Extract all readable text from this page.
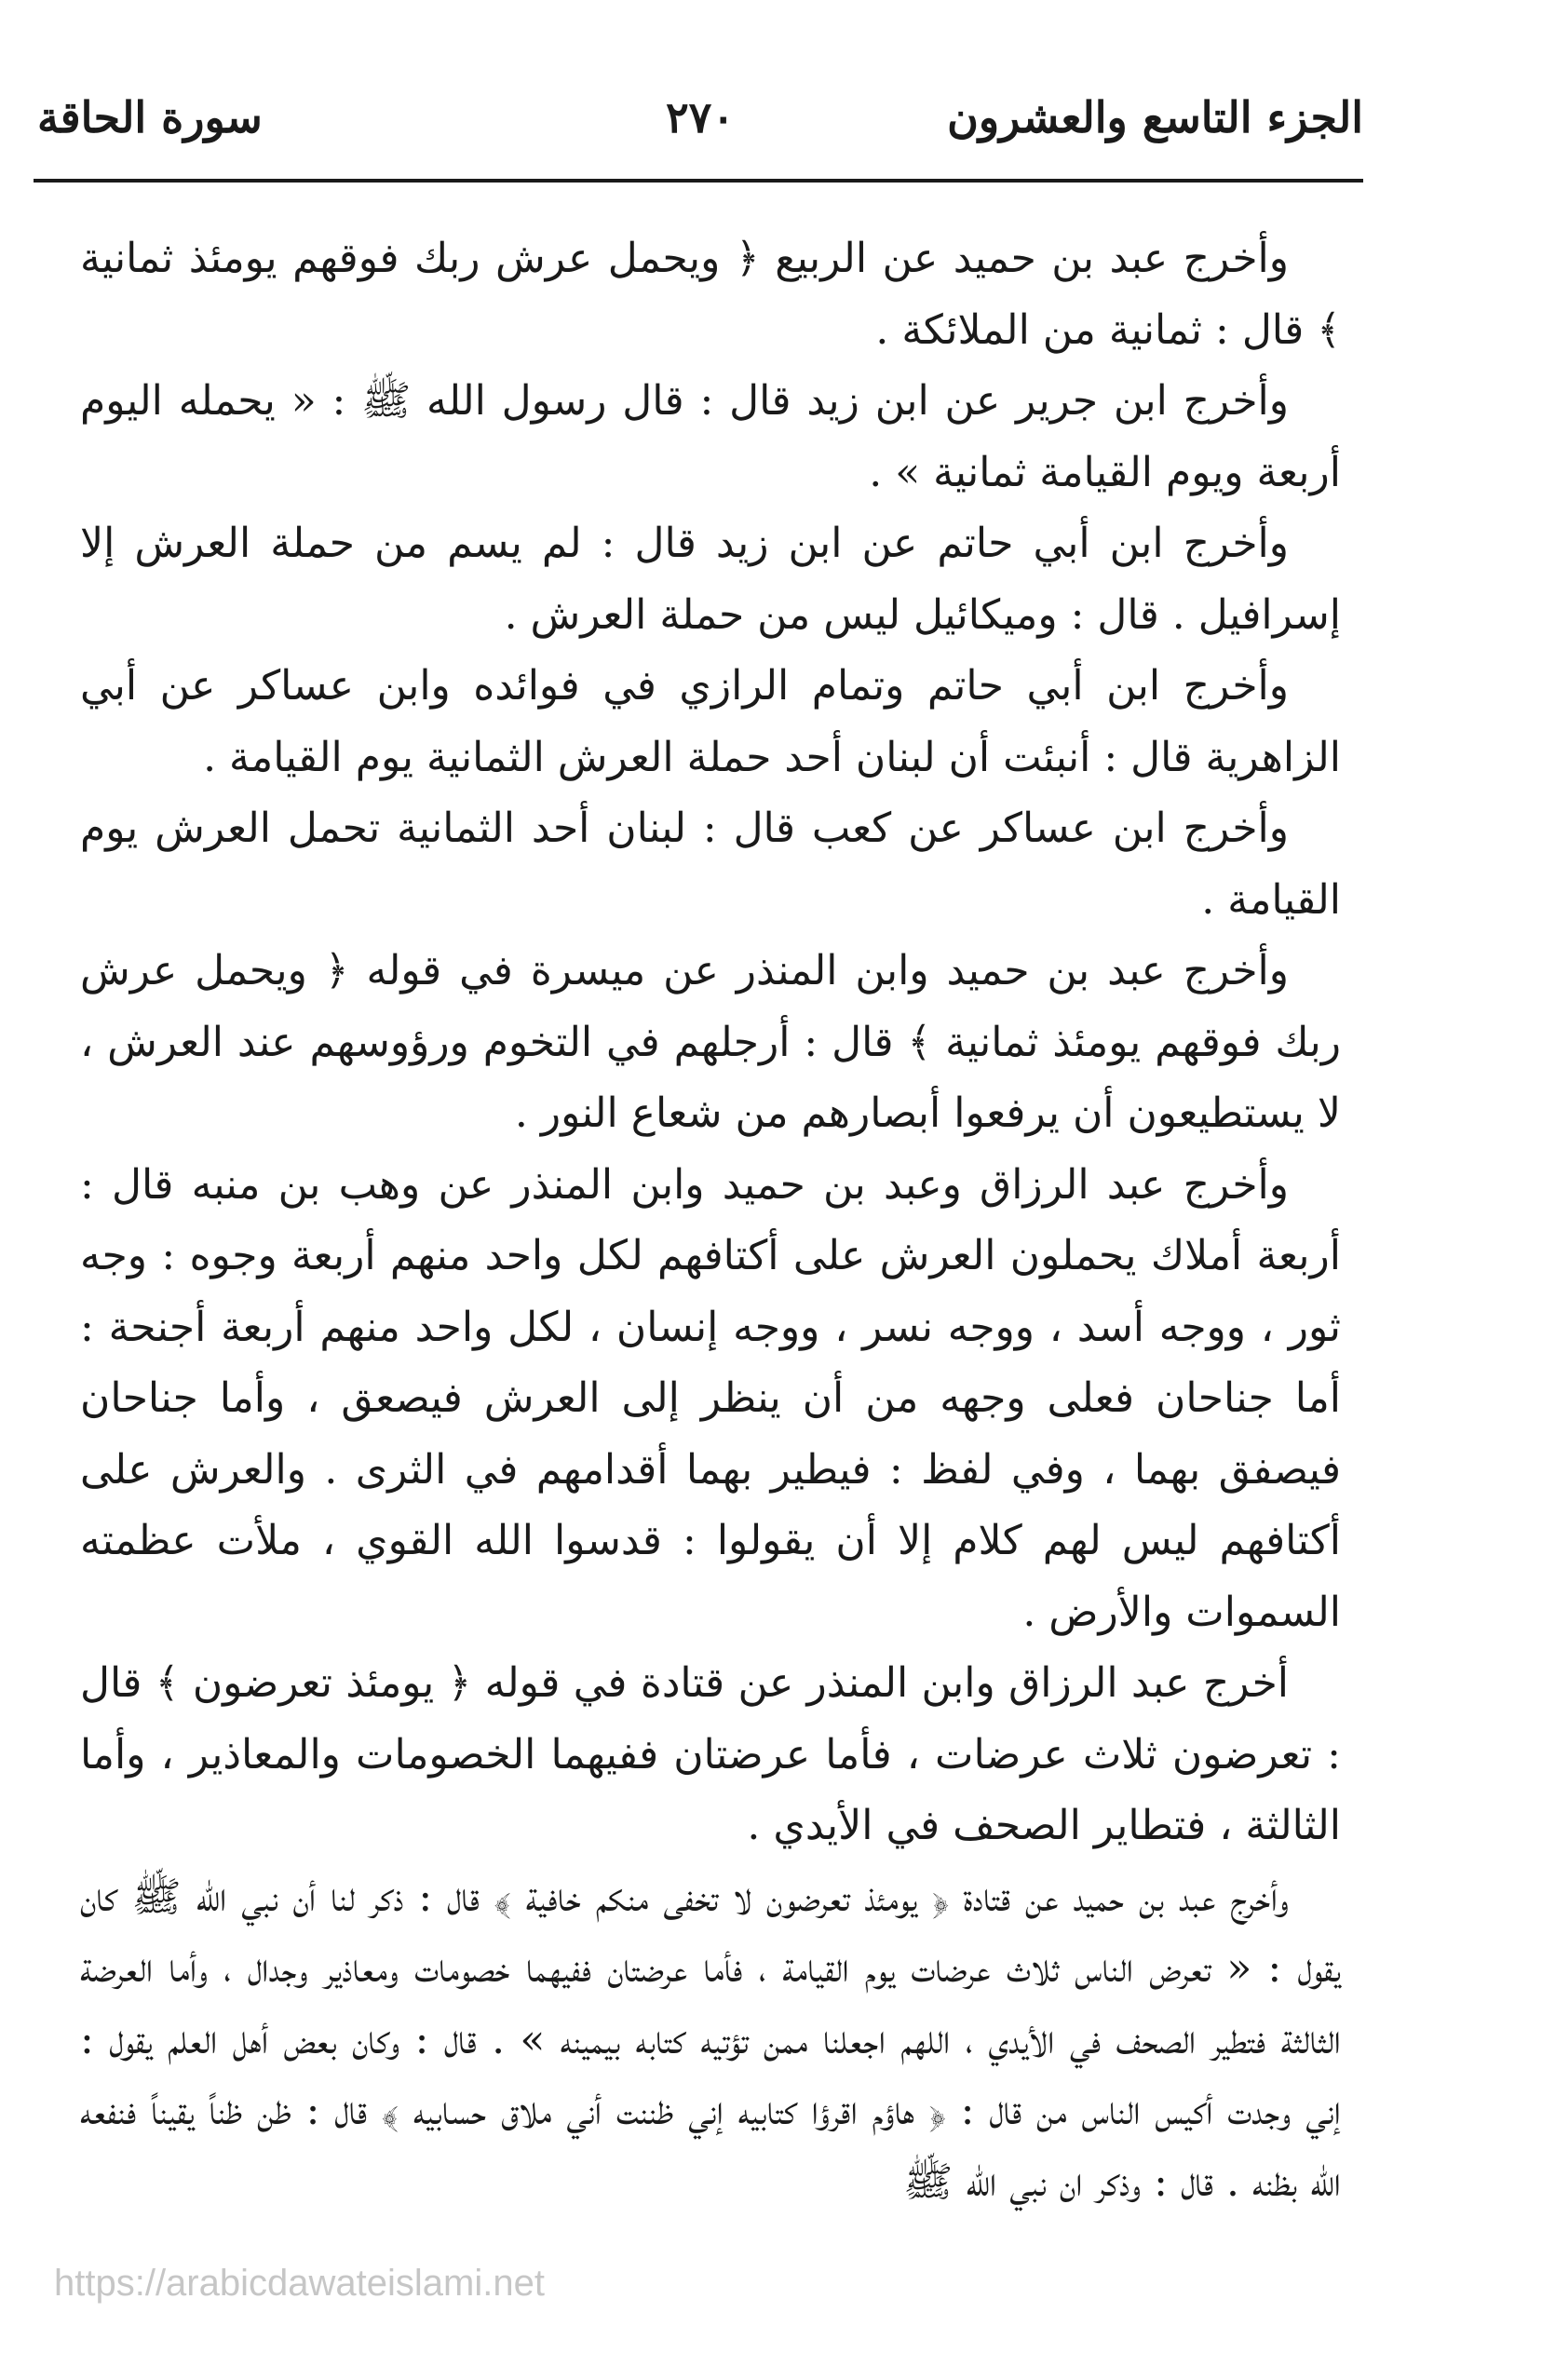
الجزء التاسع والعشرون
٢٧٠
سورة الحاقة

وأخرج عبد بن حميد عن الربيع ﴿ ويحمل عرش ربك فوقهم يومئذ ثمانية ﴾ قال : ثمانية من الملائكة .

وأخرج ابن جرير عن ابن زيد قال : قال رسول الله ﷺ : « يحمله اليوم أربعة ويوم القيامة ثمانية » .

وأخرج ابن أبي حاتم عن ابن زيد قال : لم يسم من حملة العرش إلا إسرافيل . قال : وميكائيل ليس من حملة العرش .

وأخرج ابن أبي حاتم وتمام الرازي في فوائده وابن عساكر عن أبي الزاهرية قال : أنبئت أن لبنان أحد حملة العرش الثمانية يوم القيامة .

وأخرج ابن عساكر عن كعب قال : لبنان أحد الثمانية تحمل العرش يوم القيامة .

وأخرج عبد بن حميد وابن المنذر عن ميسرة في قوله ﴿ ويحمل عرش ربك فوقهم يومئذ ثمانية ﴾ قال : أرجلهم في التخوم ورؤوسهم عند العرش ، لا يستطيعون أن يرفعوا أبصارهم من شعاع النور .

وأخرج عبد الرزاق وعبد بن حميد وابن المنذر عن وهب بن منبه قال : أربعة أملاك يحملون العرش على أكتافهم لكل واحد منهم أربعة وجوه : وجه ثور ، ووجه أسد ، ووجه نسر ، ووجه إنسان ، لكل واحد منهم أربعة أجنحة : أما جناحان فعلى وجهه من أن ينظر إلى العرش فيصعق ، وأما جناحان فيصفق بهما ، وفي لفظ : فيطير بهما أقدامهم في الثرى . والعرش على أكتافهم ليس لهم كلام إلا أن يقولوا : قدسوا الله القوي ، ملأت عظمته السموات والأرض .

أخرج عبد الرزاق وابن المنذر عن قتادة في قوله ﴿ يومئذ تعرضون ﴾ قال : تعرضون ثلاث عرضات ، فأما عرضتان ففيهما الخصومات والمعاذير ، وأما الثالثة ، فتطاير الصحف في الأيدي .

وأخرج عبد بن حميد عن قتادة ﴿ يومئذ تعرضون لا تخفى منكم خافية ﴾ قال : ذكر لنا أن نبي الله ﷺ كان يقول : « تعرض الناس ثلاث عرضات يوم القيامة ، فأما عرضتان ففيهما خصومات ومعاذير وجدال ، وأما العرضة الثالثة فتطير الصحف في الأيدي ، اللهم اجعلنا ممن تؤتيه كتابه بيمينه » . قال : وكان بعض أهل العلم يقول : إني وجدت أكيس الناس من قال : ﴿ هاؤم اقرؤا كتابيه إني ظننت أني ملاق حسابيه ﴾ قال : ظن ظناً يقيناً فنفعه الله بظنه . قال : وذكر ان نبي الله ﷺ

https://arabicdawateislami.net
